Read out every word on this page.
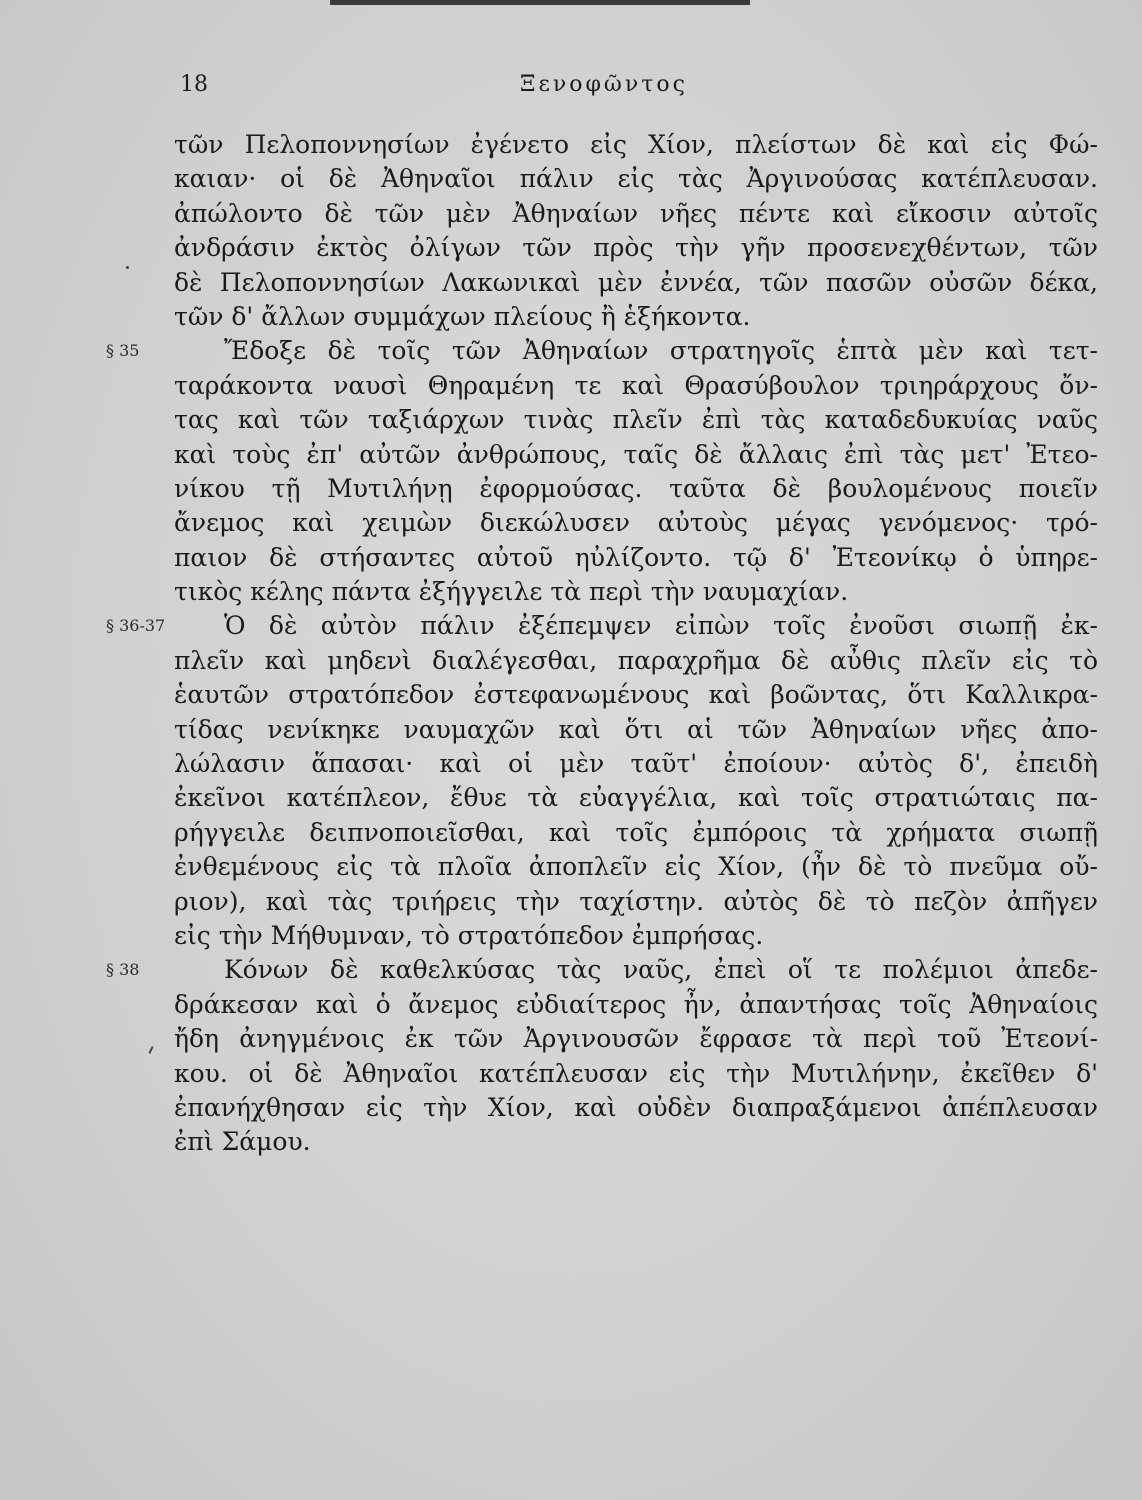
18	Ξενοφῶντος
τῶν Πελοποννησίων ἐγένετο εἰς Χίον, πλείστων δὲ καὶ εἰς Φώ-
καιαν· οἱ δὲ Ἀθηναῖοι πάλιν εἰς τὰς Ἀργινούσας κατέπλευσαν.
ἀπώλοντο δὲ τῶν μὲν Ἀθηναίων νῆες πέντε καὶ εἴκοσιν αὐτοῖς
ἀνδράσιν ἐκτὸς ὀλίγων τῶν πρὸς τὴν γῆν προσενεχθέντων, τῶν
δὲ Πελοποννησίων Λακωνικαὶ μὲν ἐννέα, τῶν πασῶν οὐσῶν δέκα,
τῶν δ' ἄλλων συμμάχων πλείους ἢ ἑξήκοντα.
§ 35	Ἔδοξε δὲ τοῖς τῶν Ἀθηναίων στρατηγοῖς ἑπτὰ μὲν καὶ τετ-
ταράκοντα ναυσὶ Θηραμένη τε καὶ Θρασύβουλον τριηράρχους ὄν-
τας καὶ τῶν ταξιάρχων τινὰς πλεῖν ἐπὶ τὰς καταδεδυκυίας ναῦς
καὶ τοὺς ἐπ' αὐτῶν ἀνθρώπους, ταῖς δὲ ἄλλαις ἐπὶ τὰς μετ' Ἐτεο-
νίκου τῇ Μυτιλήνῃ ἐφορμούσας. ταῦτα δὲ βουλομένους ποιεῖν
ἄνεμος καὶ χειμὼν διεκώλυσεν αὐτοὺς μέγας γενόμενος· τρό-
παιον δὲ στήσαντες αὐτοῦ ηὐλίζοντο. τῷ δ' Ἐτεονίκῳ ὁ ὑπηρε-
τικὸς κέλης πάντα ἐξήγγειλε τὰ περὶ τὴν ναυμαχίαν.
§ 36-37 Ὁ δὲ αὐτὸν πάλιν ἐξέπεμψεν εἰπὼν τοῖς ἐνοῦσι σιωπῇ ἐκ-
πλεῖν καὶ μηδενὶ διαλέγεσθαι, παραχρῆμα δὲ αὖθις πλεῖν εἰς τὸ
ἑαυτῶν στρατόπεδον ἐστεφανωμένους καὶ βοῶντας, ὅτι Καλλικρα-
τίδας νενίκηκε ναυμαχῶν καὶ ὅτι αἱ τῶν Ἀθηναίων νῆες ἀπο-
λώλασιν ἅπασαι· καὶ οἱ μὲν ταῦτ' ἐποίουν· αὐτὸς δ', ἐπειδὴ
ἐκεῖνοι κατέπλεον, ἔθυε τὰ εὐαγγέλια, καὶ τοῖς στρατιώταις πα-
ρήγγειλε δειπνοποιεῖσθαι, καὶ τοῖς ἐμπόροις τὰ χρήματα σιωπῇ
ἐνθεμένους εἰς τὰ πλοῖα ἀποπλεῖν εἰς Χίον, (ἦν δὲ τὸ πνεῦμα οὔ-
ριον), καὶ τὰς τριήρεις τὴν ταχίστην. αὐτὸς δὲ τὸ πεζὸν ἀπῆγεν
εἰς τὴν Μήθυμναν, τὸ στρατόπεδον ἐμπρήσας.
§ 38	Κόνων δὲ καθελκύσας τὰς ναῦς, ἐπεὶ οἵ τε πολέμιοι ἀπεδε-
δράκεσαν καὶ ὁ ἄνεμος εὐδιαίτερος ἦν, ἀπαντήσας τοῖς Ἀθηναίοις
ἤδη ἀνηγμένοις ἐκ τῶν Ἀργινουσῶν ἔφρασε τὰ περὶ τοῦ Ἐτεονί-
κου. οἱ δὲ Ἀθηναῖοι κατέπλευσαν εἰς τὴν Μυτιλήνην, ἐκεῖθεν δ'
ἐπανήχθησαν εἰς τὴν Χίον, καὶ οὐδὲν διαπραξάμενοι ἀπέπλευσαν
ἐπὶ Σάμου.
